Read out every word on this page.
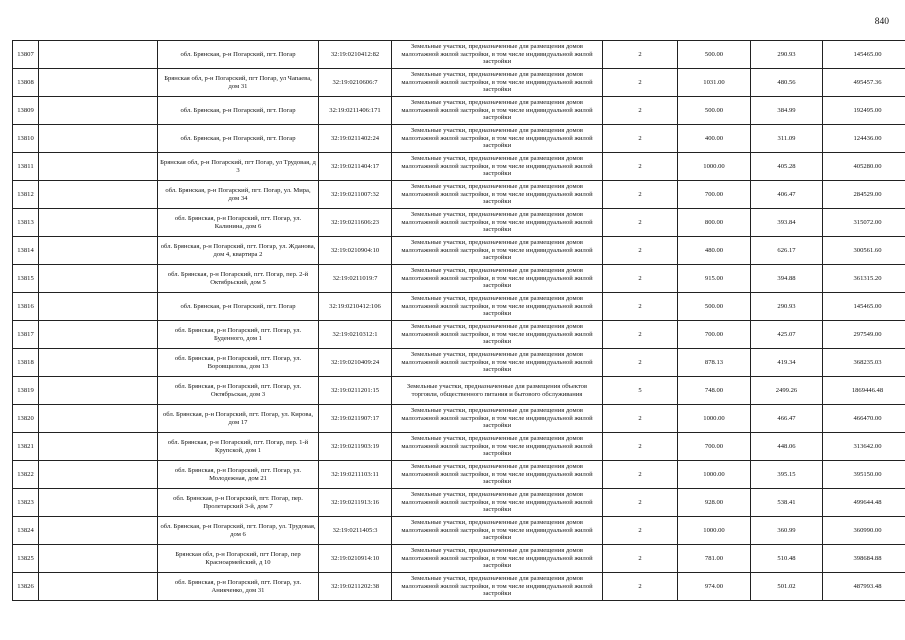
840
13807		обл. Брянская, р-н Погарский, пгт. Погар	32:19:0210412:82	Земельные участки, предназначенные для размещения домов малоэтажной жилой застройки, в том числе индивидуальной жилой застройки	2	500.00	290.93	145465.00
13808		Брянская обл, р-н Погарский, пгт Погар, ул Чапаева, дом 31	32:19:0210606:7	Земельные участки, предназначенные для размещения домов малоэтажной жилой застройки, в том числе индивидуальной жилой застройки	2	1031.00	480.56	495457.36
13809		обл. Брянская, р-н Погарский, пгт. Погар	32:19:0211406:171	Земельные участки, предназначенные для размещения домов малоэтажной жилой застройки, в том числе индивидуальной жилой застройки	2	500.00	384.99	192495.00
13810		обл. Брянская, р-н Погарский, пгт. Погар	32:19:0211402:24	Земельные участки, предназначенные для размещения домов малоэтажной жилой застройки, в том числе индивидуальной жилой застройки	2	400.00	311.09	124436.00
13811		Брянская обл, р-н Погарский, пгт Погар, ул Трудовая, д 3	32:19:0211404:17	Земельные участки, предназначенные для размещения домов малоэтажной жилой застройки, в том числе индивидуальной жилой застройки	2	1000.00	405.28	405280.00
13812		обл. Брянская, р-н Погарский, пгт. Погар, ул. Мира, дом 34	32:19:0211007:32	Земельные участки, предназначенные для размещения домов малоэтажной жилой застройки, в том числе индивидуальной жилой застройки	2	700.00	406.47	284529.00
13813		обл. Брянская, р-н Погарский, пгт. Погар, ул. Калинина, дом 6	32:19:0211606:23	Земельные участки, предназначенные для размещения домов малоэтажной жилой застройки, в том числе индивидуальной жилой застройки	2	800.00	393.84	315072.00
13814		обл. Брянская, р-н Погарский, пгт. Погар, ул. Жданова, дом 4, квартира 2	32:19:0210904:10	Земельные участки, предназначенные для размещения домов малоэтажной жилой застройки, в том числе индивидуальной жилой застройки	2	480.00	626.17	300561.60
13815		обл. Брянская, р-н Погарский, пгт. Погар, пер. 2-й Октябрьский, дом 5	32:19:0211019:7	Земельные участки, предназначенные для размещения домов малоэтажной жилой застройки, в том числе индивидуальной жилой застройки	2	915.00	394.88	361315.20
13816		обл. Брянская, р-н Погарский, пгт. Погар	32:19:0210412:106	Земельные участки, предназначенные для размещения домов малоэтажной жилой застройки, в том числе индивидуальной жилой застройки	2	500.00	290.93	145465.00
13817		обл. Брянская, р-н Погарский, пгт. Погар, ул. Буденного, дом 1	32:19:0210312:1	Земельные участки, предназначенные для размещения домов малоэтажной жилой застройки, в том числе индивидуальной жилой застройки	2	700.00	425.07	297549.00
13818		обл. Брянская, р-н Погарский, пгт. Погар, ул. Воровщилова, дом 13	32:19:0210409:24	Земельные участки, предназначенные для размещения домов малоэтажной жилой застройки, в том числе индивидуальной жилой застройки	2	878.13	419.34	368235.03
13819		обл. Брянская, р-н Погарский, пгт. Погар, ул. Октябрьская, дом 3	32:19:0211201:15	Земельные участки, предназначенные для размещения объектов торговли, общественного питания и бытового обслуживания	5	748.00	2499.26	1869446.48
13820		обл. Брянская, р-н Погарский, пгт. Погар, ул. Кирова, дом 17	32:19:0211907:17	Земельные участки, предназначенные для размещения домов малоэтажной жилой застройки, в том числе индивидуальной жилой застройки	2	1000.00	466.47	466470.00
13821		обл. Брянская, р-н Погарский, пгт. Погар, пер. 1-й Крупской, дом 1	32:19:0211903:19	Земельные участки, предназначенные для размещения домов малоэтажной жилой застройки, в том числе индивидуальной жилой застройки	2	700.00	448.06	313642.00
13822		обл. Брянская, р-н Погарский, пгт. Погар, ул. Молодежная, дом 21	32:19:0211103:11	Земельные участки, предназначенные для размещения домов малоэтажной жилой застройки, в том числе индивидуальной жилой застройки	2	1000.00	395.15	395150.00
13823		обл. Брянская, р-н Погарский, пгт. Погар, пер. Пролетарский 3-й, дом 7	32:19:0211913:16	Земельные участки, предназначенные для размещения домов малоэтажной жилой застройки, в том числе индивидуальной жилой застройки	2	928.00	538.41	499644.48
13824		обл. Брянская, р-н Погарский, пгт. Погар, ул. Трудовая, дом 6	32:19:0211405:3	Земельные участки, предназначенные для размещения домов малоэтажной жилой застройки, в том числе индивидуальной жилой застройки	2	1000.00	360.99	360990.00
13825		Брянская обл, р-н Погарский, пгт Погар, пер Красноармейский, д 10	32:19:0210914:10	Земельные участки, предназначенные для размещения домов малоэтажной жилой застройки, в том числе индивидуальной жилой застройки	2	781.00	510.48	398684.88
13826		обл. Брянская, р-н Погарский, пгт. Погар, ул. Аникченко, дом 31	32:19:0211202:38	Земельные участки, предназначенные для размещения домов малоэтажной жилой застройки, в том числе индивидуальной жилой застройки	2	974.00	501.02	487993.48
